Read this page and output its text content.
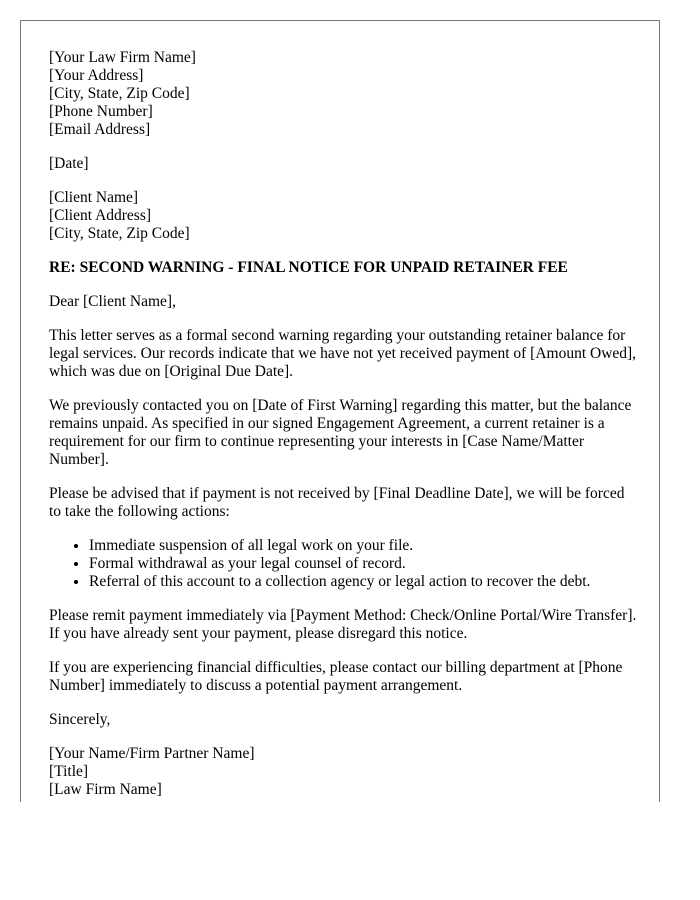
[Your Law Firm Name]
[Your Address]
[City, State, Zip Code]
[Phone Number]
[Email Address]
[Date]
[Client Name]
[Client Address]
[City, State, Zip Code]
RE: SECOND WARNING - FINAL NOTICE FOR UNPAID RETAINER FEE

Dear [Client Name],

This letter serves as a formal second warning regarding your outstanding retainer balance for legal services. Our records indicate that we have not yet received payment of [Amount Owed], which was due on [Original Due Date].

We previously contacted you on [Date of First Warning] regarding this matter, but the balance remains unpaid. As specified in our signed Engagement Agreement, a current retainer is a requirement for our firm to continue representing your interests in [Case Name/Matter Number].

Please be advised that if payment is not received by [Final Deadline Date], we will be forced to take the following actions:

• Immediate suspension of all legal work on your file.
• Formal withdrawal as your legal counsel of record.
• Referral of this account to a collection agency or legal action to recover the debt.

Please remit payment immediately via [Payment Method: Check/Online Portal/Wire Transfer]. If you have already sent your payment, please disregard this notice.

If you are experiencing financial difficulties, please contact our billing department at [Phone Number] immediately to discuss a potential payment arrangement.

Sincerely,

[Your Name/Firm Partner Name]
[Title]
[Law Firm Name]
